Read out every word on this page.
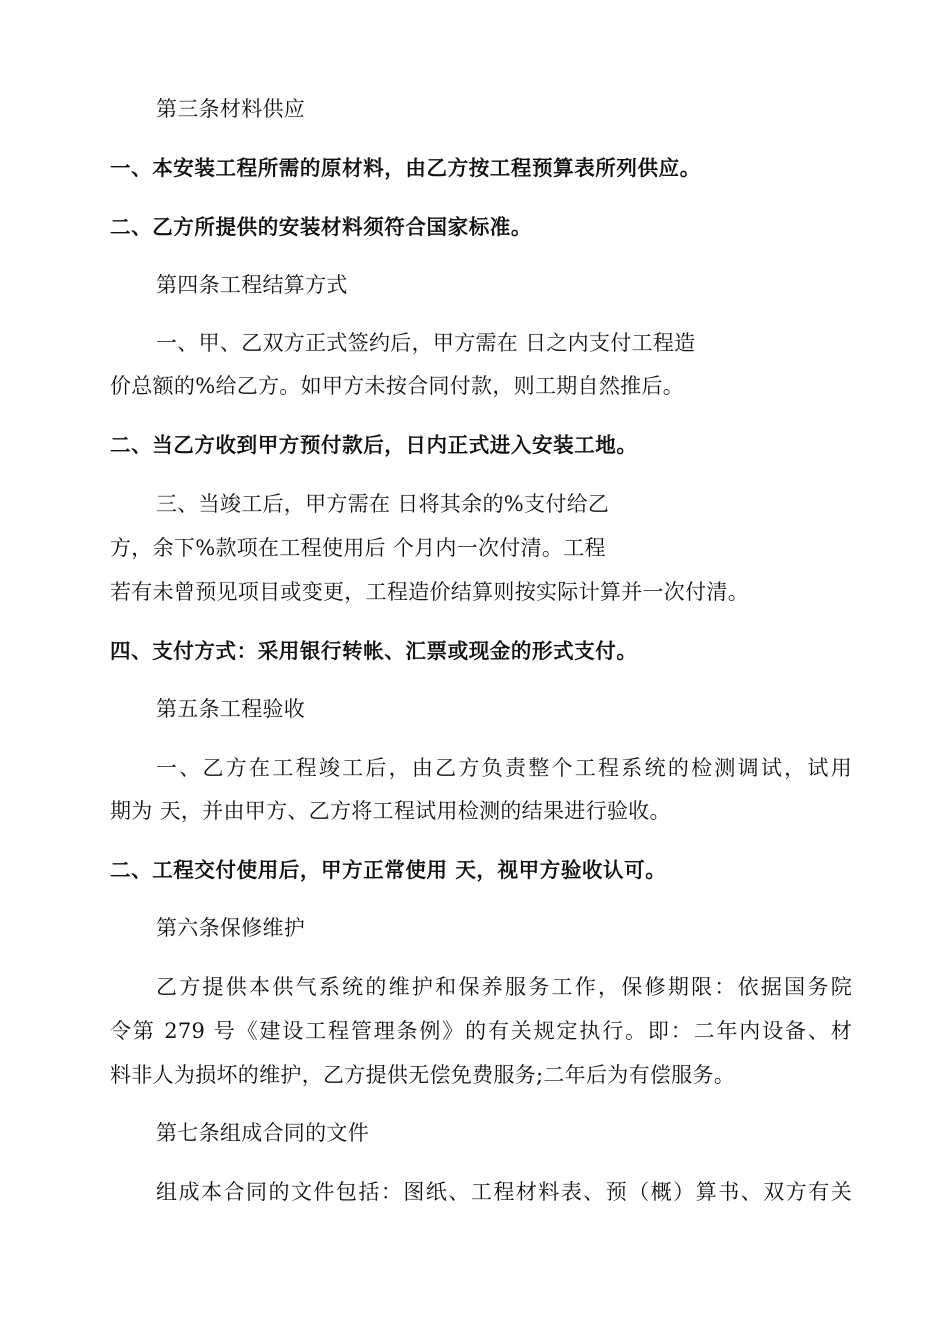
第三条材料供应
一、本安装工程所需的原材料，由乙方按工程预算表所列供应。
二、乙方所提供的安装材料须符合国家标准。
第四条工程结算方式
一、甲、乙双方正式签约后，甲方需在 日之内支付工程造
价总额的%给乙方。如甲方未按合同付款，则工期自然推后。
二、当乙方收到甲方预付款后，日内正式进入安装工地。
三、当竣工后，甲方需在 日将其余的%支付给乙
方，余下%款项在工程使用后 个月内一次付清。工程
若有未曾预见项目或变更，工程造价结算则按实际计算并一次付清。
四、支付方式：采用银行转帐、汇票或现金的形式支付。
第五条工程验收
一、乙方在工程竣工后，由乙方负责整个工程系统的检测调试，试用
期为 天，并由甲方、乙方将工程试用检测的结果进行验收。
二、工程交付使用后，甲方正常使用 天，视甲方验收认可。
第六条保修维护
乙方提供本供气系统的维护和保养服务工作，保修期限：依据国务院
令第 279 号《建设工程管理条例》的有关规定执行。即：二年内设备、材
料非人为损坏的维护，乙方提供无偿免费服务;二年后为有偿服务。
第七条组成合同的文件
组成本合同的文件包括：图纸、工程材料表、预（概）算书、双方有关
